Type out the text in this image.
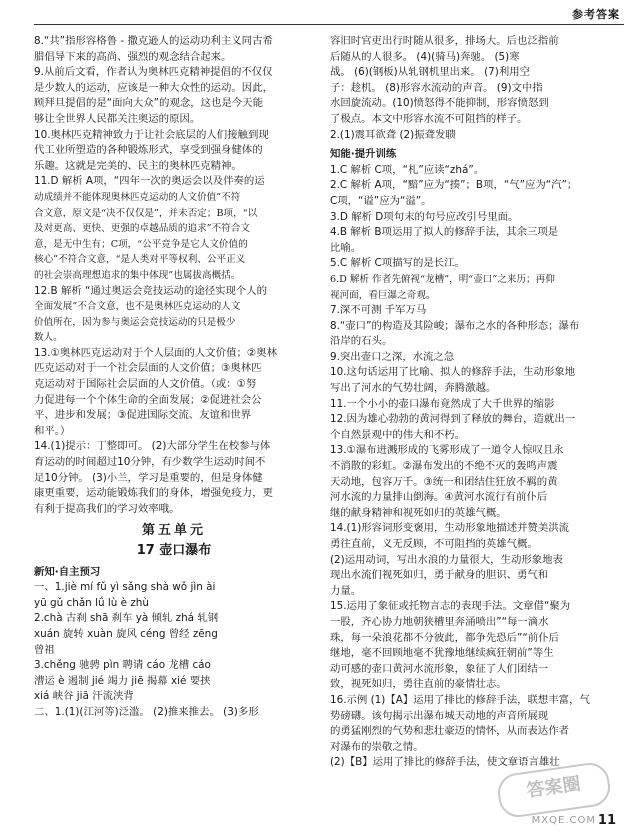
参考答案

8.“共”指形容格鲁 - 撒克逊人的运动功利主义同古希

腊倡导下来的高尚、强烈的观念结合起来。

9.从前后文看，作者认为奥林匹克精神提倡的不仅仅

是少数人的运动，应该是一种大众性的运动。因此，

顾拜旦提倡的是“面向大众”的观念，这也是今天能

够让全世界人民都关注奥运的原因。

10.奥林匹克精神致力于让社会底层的人们接触到现

代工业所塑造的各种锻炼形式，享受到强身健体的

乐趣。这就是完美的、民主的奥林匹克精神。

11.D 解析 A项，“四年一次的奥运会以及伴奏的运

动成绩并不能体现奥林匹克运动的人文价值”不符

合文意，原文是“决不仅仅是”，并未否定；B项，“以

及对更高、更快、更强的卓越品质的追求”不符合文

意，是无中生有；C项，“公平竞争是它人文价值的

核心”不符合文意，“是人类对平等权利、公平正义

的社会崇高理想追求的集中体现”也属拔高概括。

12.B 解析 “通过奥运会竞技运动的途径实现个人的

全面发展”不合文意，也不是奥林匹克运动的人文

价值所在，因为参与奥运会竞技运动的只是极少

数人。

13.①奥林匹克运动对于个人层面的人文价值；②奥林

匹克运动对于一个社会层面的人文价值；③奥林匹

克运动对于国际社会层面的人文价值。（或：①努

力促进每一个个体生命的全面发展；②促进社会公

平、进步和发展；③促进国际交流、友谊和世界

和平。）

14.(1)提示：丁整即可。 (2)大部分学生在校参与体

育运动的时间超过10分钟，有少数学生运动时间不

足10分钟。 (3)小兰，学习是重要的，但是身体健

康更重要，运动能锻炼我们的身体，增强免疫力，更

有利于提高我们的学习效率哦。

第五单元
17 壶口瀑布
新知·自主预习

一、1.jiè mí fǔ yì sǎng shà wǒ jìn ài

yū gǔ chǎn lǘ lù è zhù

2.chà 古刹 shā 刹车 yà 倾轧 zhá 轧钢

xuán 旋转 xuàn 旋风 céng 曾经 zēng

曾祖

3.chěng 驰骋 pìn 聘请 cáo 龙槽 cáo

漕运 è 遏制 jié 竭力 jiē 揭幕 xié 要挟

xiá 峡谷 jiā 汗流浃背

二、1.(1)(江河等)泛滥。 (2)推来推去。 (3)多形

容旧时官吏出行时随从很多，排场大。后也泛指前

后随从的人很多。 (4)(骑马)奔驰。 (5)寒

战。 (6)(钢板)从轧钢机里出来。 (7)利用空

子：趁机。 (8)形容水流动的声音。 (9)文中指

水回旋流动。(10)愤怒得不能抑制，形容愤怒到

了极点。本文中形容水流不可阻挡的样子。

2.(1)震耳欲聋 (2)振聋发聩

知能·提升训练

1.C 解析 C项，“札”应读“zhá”。

2.C 解析 A项，“黯”应为“揍”；B项，“气”应为“汽”；

C项，“谥”应为“溢”。

3.D 解析 D项句末的句号应改引号里面。

4.B 解析 B项运用了拟人的修辞手法，其余三项是

比喻。

5.C 解析 C项描写的是长江。

6.D 解析 作者先俯视“龙槽”，明“壶口”之来历；再仰

视河面，看巨瀑之奇观。

7.深不可测 千军万马

8.“壶口”的构造及其险峻；瀑布之水的各种形态；瀑布

沿岸的石头。

9.突出壶口之深，水流之急

10.这句话运用了比喻、拟人的修辞手法，生动形象地

写出了河水的气势壮阔，奔腾激越。

11.一个小小的壶口瀑布竟然成了大千世界的缩影

12.因为雄心勃勃的黄河得到了释放的舞台，造就出一

个自然景观中的伟大和不朽。

13.①瀑布迸溅形成的飞雾形成了一道令人惊叹且永

不消散的彩虹。②瀑布发出的不绝不灭的轰鸣声震

天动地，包容万千。③统一和团结住狂放不羁的黄

河水流的力量排山倒海。④黄河水流行有前仆后

继的献身精神和视死如归的英雄气概。

14.(1)形容词形变褒用，生动形象地描述并赞美洪流

勇往直前，义无反顾，不可阻挡的英雄气概。

(2)运用动词，写出水浪的力量很大，生动形象地表

现出水流们视死如归，勇于献身的胆识、勇气和

力量。

15.运用了象征或托物言志的表现手法。文章借“聚为

一股，齐心协力地朝狭槽里奔涌喷出”“每一滴水

珠，每一朵浪花都不分彼此，都争先恐后”“前仆后

继地，毫不回顾地毫不犹豫地继续疯狂朝前”等生

动可感的壶口黄河水流形象，象征了人们团结一

致，视死如归，勇往直前的豪情壮志。

16.示例 (1)【A】运用了排比的修辞手法，联想丰富，气

势磅礴。该句揭示出瀑布城天动地的声音所展现

的勇猛刚烈的气势和悲壮豪迈的情怀，从而表达作者

对瀑布的崇敬之情。

(2)【B】运用了排比的修辞手法，使文章语言雄壮

答案圈
MXQE.COM 11
